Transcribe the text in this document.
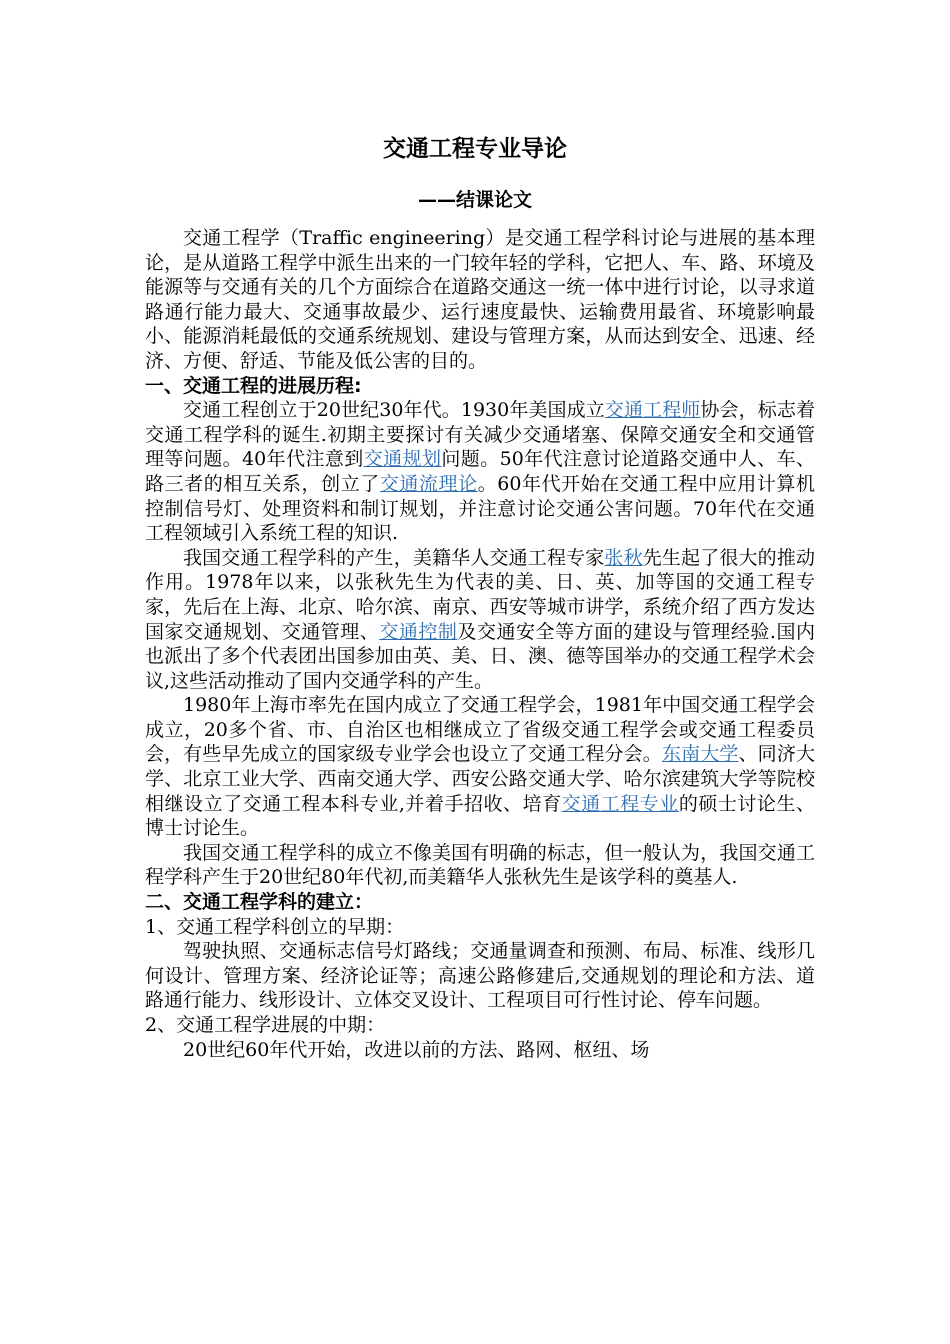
交通工程专业导论
——结课论文

交通工程学（Traffic engineering）是交通工程学科讨论与进展的基本理论，是从道路工程学中派生出来的一门较年轻的学科，它把人、车、路、环境及能源等与交通有关的几个方面综合在道路交通这一统一体中进行讨论，以寻求道路通行能力最大、交通事故最少、运行速度最快、运输费用最省、环境影响最小、能源消耗最低的交通系统规划、建设与管理方案，从而达到安全、迅速、经济、方便、舒适、节能及低公害的目的。

一、交通工程的进展历程:

交通工程创立于20世纪30年代。1930年美国成立交通工程师协会，标志着交通工程学科的诞生.初期主要探讨有关减少交通堵塞、保障交通安全和交通管理等问题。40年代注意到交通规划问题。50年代注意讨论道路交通中人、车、路三者的相互关系，创立了交通流理论。60年代开始在交通工程中应用计算机控制信号灯、处理资料和制订规划，并注意讨论交通公害问题。70年代在交通工程领域引入系统工程的知识.

我国交通工程学科的产生，美籍华人交通工程专家张秋先生起了很大的推动作用。1978年以来，以张秋先生为代表的美、日、英、加等国的交通工程专家，先后在上海、北京、哈尔滨、南京、西安等城市讲学，系统介绍了西方发达国家交通规划、交通管理、交通控制及交通安全等方面的建设与管理经验.国内也派出了多个代表团出国参加由英、美、日、澳、德等国举办的交通工程学术会议,这些活动推动了国内交通学科的产生。

1980年上海市率先在国内成立了交通工程学会，1981年中国交通工程学会成立，20多个省、市、自治区也相继成立了省级交通工程学会或交通工程委员会，有些早先成立的国家级专业学会也设立了交通工程分会。东南大学、同济大学、北京工业大学、西南交通大学、西安公路交通大学、哈尔滨建筑大学等院校相继设立了交通工程本科专业,并着手招收、培育交通工程专业的硕士讨论生、博士讨论生。

我国交通工程学科的成立不像美国有明确的标志，但一般认为，我国交通工程学科产生于20世纪80年代初,而美籍华人张秋先生是该学科的奠基人.

二、交通工程学科的建立：
1、交通工程学科创立的早期：

驾驶执照、交通标志信号灯路线；交通量调查和预测、布局、标准、线形几何设计、管理方案、经济论证等；高速公路修建后,交通规划的理论和方法、道路通行能力、线形设计、立体交叉设计、工程项目可行性讨论、停车问题。

2、交通工程学进展的中期：

20世纪60年代开始，改进以前的方法、路网、枢纽、场
